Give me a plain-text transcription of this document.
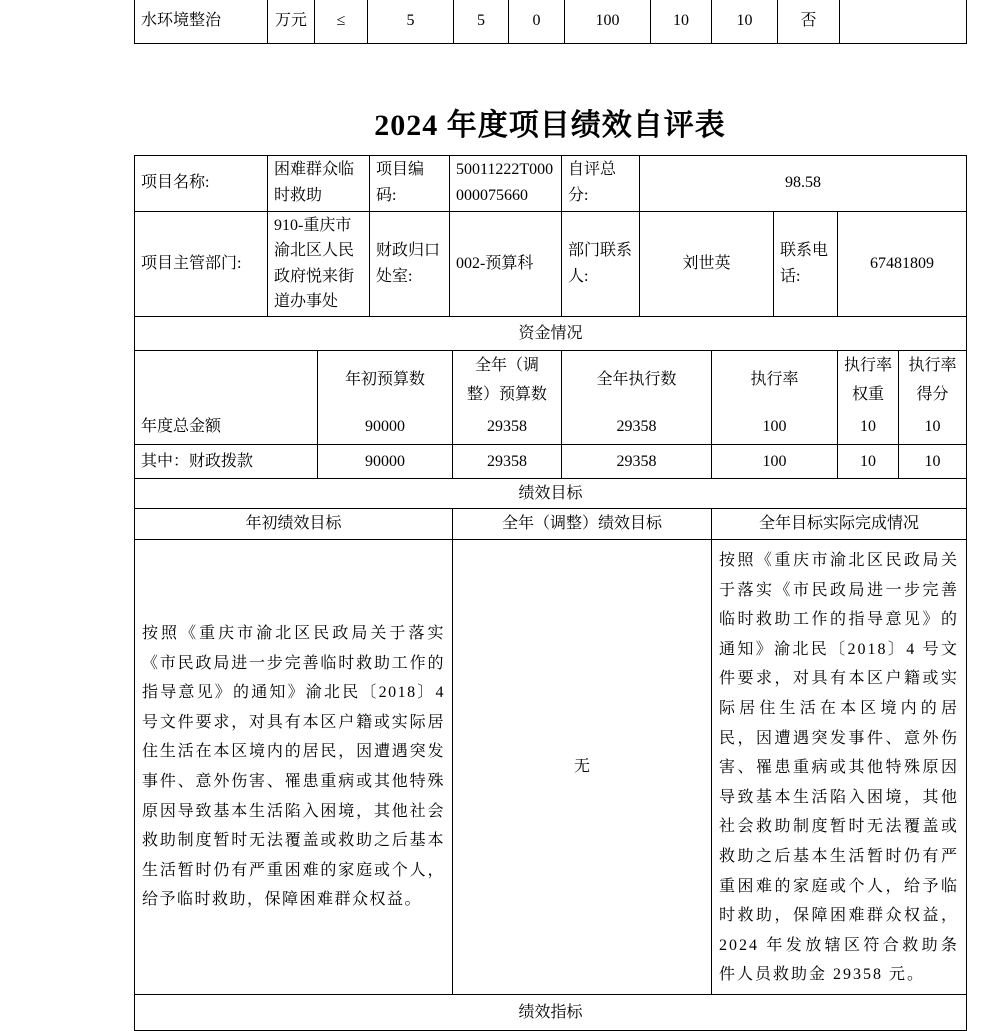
水环境整治	万元	≤	5	5	0	100	10	10	否	
2024 年度项目绩效自评表
项目名称:	困难群众临时救助	项目编码:	50011222T000000075660	自评总分:	98.58		
项目主管部门:	910-重庆市渝北区人民政府悦来街道办事处	财政归口处室:	002-预算科	部门联系人:	刘世英	联系电话:	67481809
资金情况						
	年初预算数	全年（调整）预算数	全年执行数	执行率	执行率权重	执行率得分
年度总金额	90000	29358	29358	100	10	10
其中：财政拨款	90000	29358	29358	100	10	10
绩效目标		
年初绩效目标	全年（调整）绩效目标	全年目标实际完成情况
按照《重庆市渝北区民政局关于落实《市民政局进一步完善临时救助工作的指导意见》的通知》渝北民〔2018〕4 号文件要求，对具有本区户籍或实际居住生活在本区境内的居民，因遭遇突发事件、意外伤害、罹患重病或其他特殊原因导致基本生活陷入困境，其他社会救助制度暂时无法覆盖或救助之后基本生活暂时仍有严重困难的家庭或个人，给予临时救助，保障困难群众权益。	无	按照《重庆市渝北区民政局关于落实《市民政局进一步完善临时救助工作的指导意见》的通知》渝北民〔2018〕4 号文件要求，对具有本区户籍或实际居住生活在本区境内的居民，因遭遇突发事件、意外伤害、罹患重病或其他特殊原因导致基本生活陷入困境，其他社会救助制度暂时无法覆盖或救助之后基本生活暂时仍有严重困难的家庭或个人，给予临时救助，保障困难群众权益，2024 年发放辖区符合救助条件人员救助金 29358 元。
绩效指标
